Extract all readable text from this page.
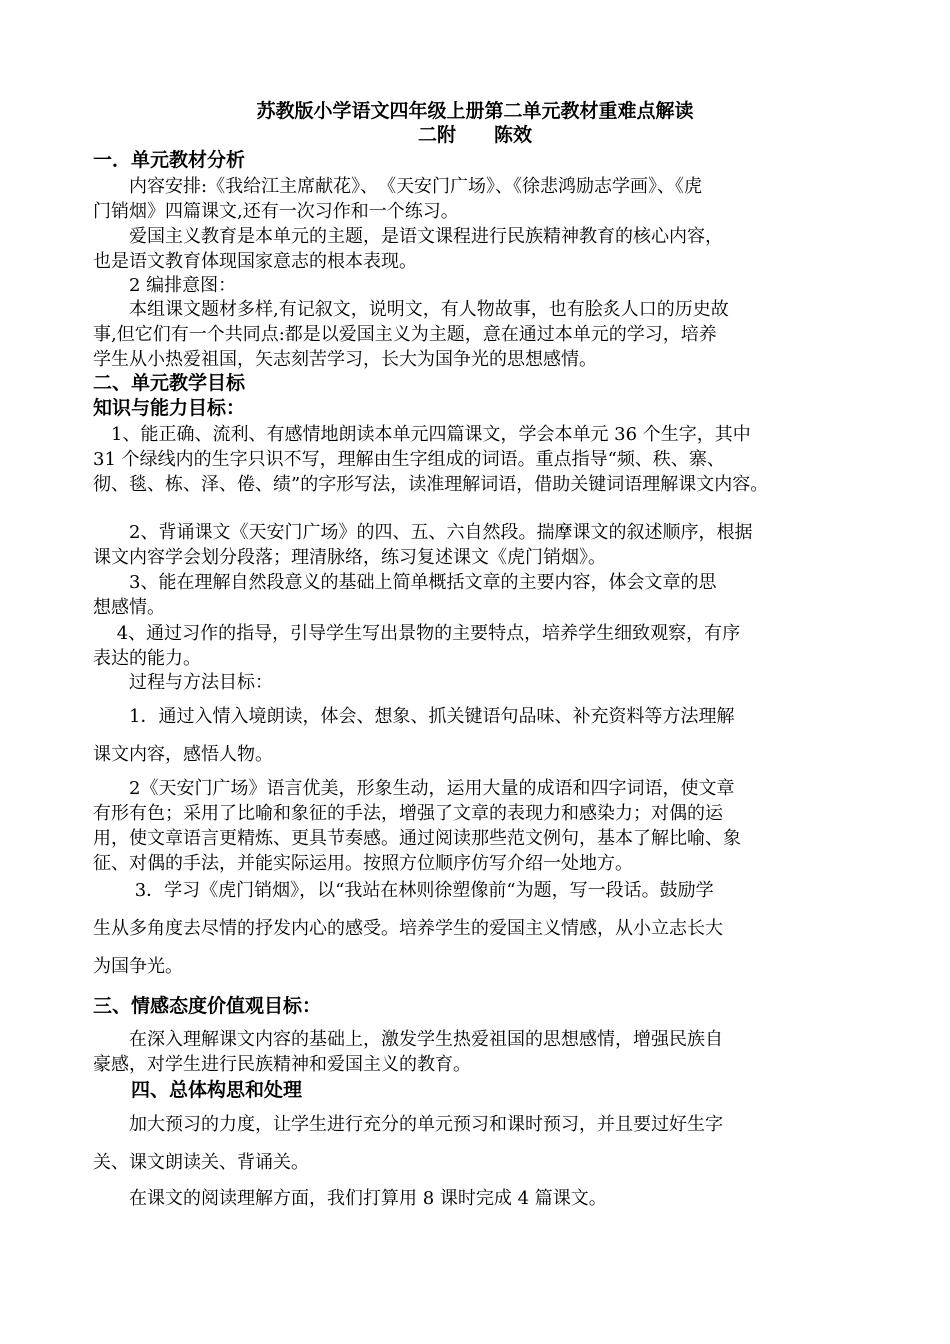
苏教版小学语文四年级上册第二单元教材重难点解读
二附　　陈效
一．单元教材分析
　　内容安排:《我给江主席献花》、　《天安门广场》、《徐悲鸿励志学画》、《虎
门销烟》四篇课文,还有一次习作和一个练习。
　　爱国主义教育是本单元的主题，是语文课程进行民族精神教育的核心内容，
也是语文教育体现国家意志的根本表现。
　　2 编排意图：
　　本组课文题材多样,有记叙文，说明文，有人物故事，也有脍炙人口的历史故
事,但它们有一个共同点:都是以爱国主义为主题，意在通过本单元的学习，培养
学生从小热爱祖国，矢志刻苦学习，长大为国争光的思想感情。
二、单元教学目标
知识与能力目标：
　1、能正确、流利、有感情地朗读本单元四篇课文，学会本单元 36 个生字，其中
31 个绿线内的生字只识不写，理解由生字组成的词语。重点指导“频、秩、寨、
彻、毯、栋、泽、倦、绩”的字形写法，读准理解词语，借助关键词语理解课文内容。
　　2、背诵课文《天安门广场》的四、五、六自然段。揣摩课文的叙述顺序，根据
课文内容学会划分段落；理清脉络，练习复述课文《虎门销烟》。
　　3、能在理解自然段意义的基础上简单概括文章的主要内容，体会文章的思
想感情。
　 4、通过习作的指导，引导学生写出景物的主要特点，培养学生细致观察，有序
表达的能力。
　　过程与方法目标：
　　1．通过入情入境朗读，体会、想象、抓关键语句品味、补充资料等方法理解
课文内容，感悟人物。
　　2《天安门广场》语言优美，形象生动，运用大量的成语和四字词语，使文章
有形有色；采用了比喻和象征的手法，增强了文章的表现力和感染力；对偶的运
用，使文章语言更精炼、更具节奏感。通过阅读那些范文例句，基本了解比喻、象
征、对偶的手法，并能实际运用。按照方位顺序仿写介绍一处地方。
　　 3．学习《虎门销烟》，以“我站在林则徐塑像前“为题，写一段话。鼓励学
生从多角度去尽情的抒发内心的感受。培养学生的爱国主义情感，从小立志长大
为国争光。
三、情感态度价值观目标：
　　在深入理解课文内容的基础上，激发学生热爱祖国的思想感情，增强民族自
豪感，对学生进行民族精神和爱国主义的教育。
　　四、总体构思和处理
　　加大预习的力度，让学生进行充分的单元预习和课时预习，并且要过好生字
关、课文朗读关、背诵关。
　　在课文的阅读理解方面，我们打算用 8 课时完成 4 篇课文。
